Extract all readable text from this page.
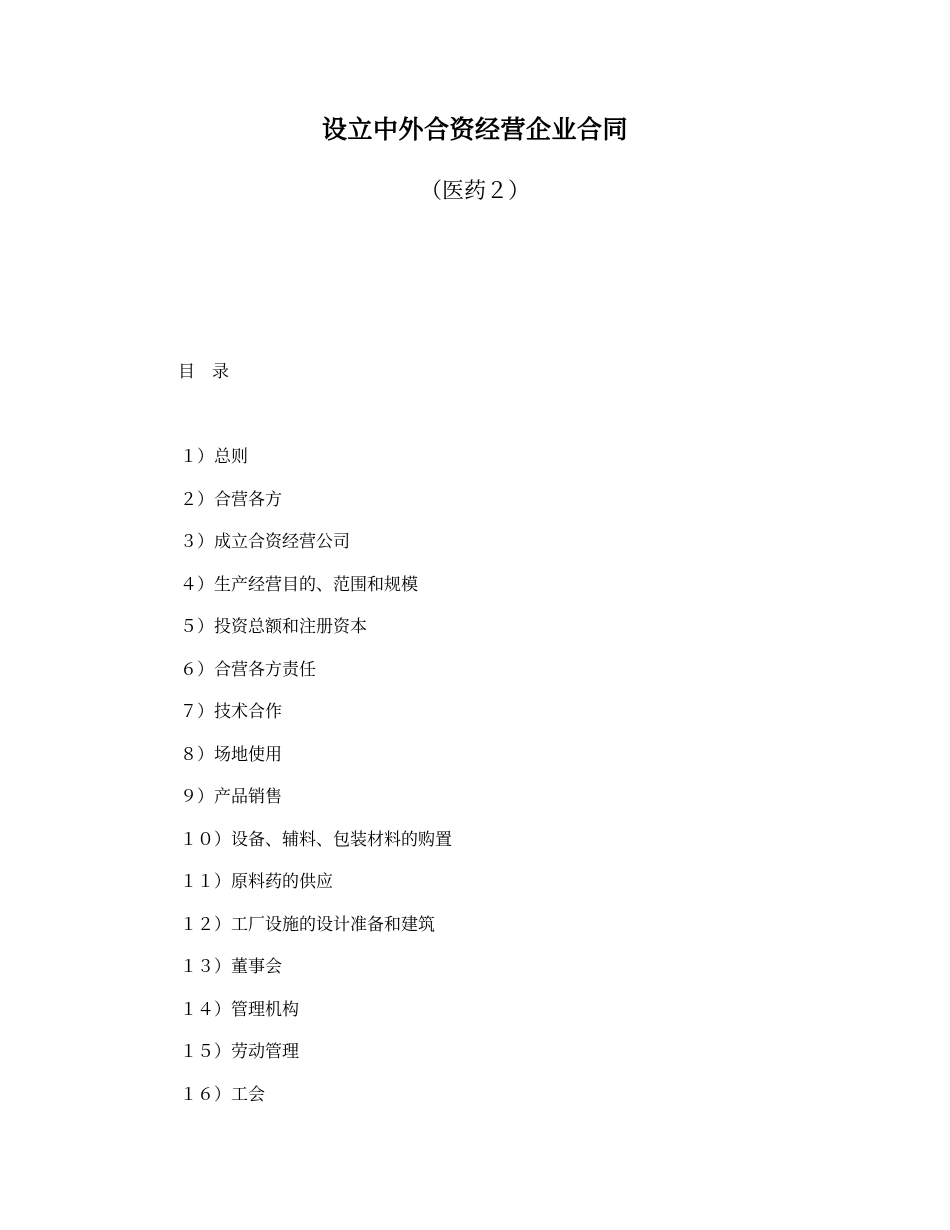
设立中外合资经营企业合同
（医药２）
目　录
１）总则
２）合营各方
３）成立合资经营公司
４）生产经营目的、范围和规模
５）投资总额和注册资本
６）合营各方责任
７）技术合作
８）场地使用
９）产品销售
１０）设备、辅料、包装材料的购置
１１）原料药的供应
１２）工厂设施的设计准备和建筑
１３）董事会
１４）管理机构
１５）劳动管理
１６）工会
